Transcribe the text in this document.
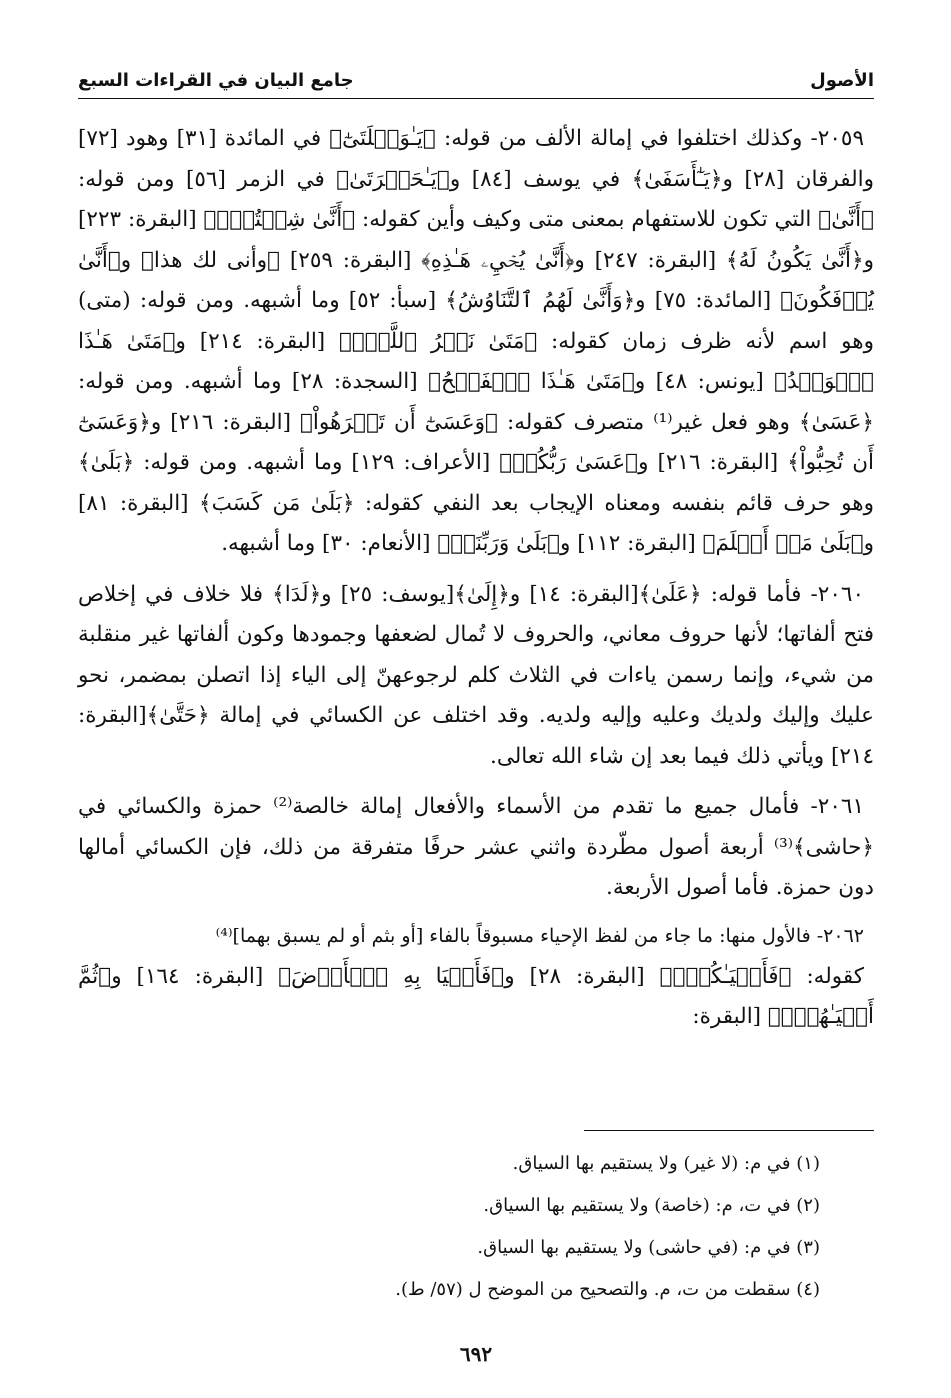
الأصول
جامع البيان في القراءات السبع

٢٠٥٩- وكذلك اختلفوا في إمالة الألف من قوله: ﴿يَـٰوَيۡلَتَىٰٓ﴾ في المائدة [٣١] وهود [٧٢] والفرقان [٢٨] و﴿يَـٰٓأَسَفَىٰ﴾ في يوسف [٨٤] و﴿يَـٰحَسۡرَتَىٰ﴾ في الزمر [٥٦] ومن قوله: ﴿أَنَّىٰ﴾ التي تكون للاستفهام بمعنى متى وكيف وأين كقوله: ﴿أَنَّىٰ شِئۡتُمۡۖ﴾ [البقرة: ٢٢٣] و﴿أَنَّىٰ يَكُونُ لَهُ﴾ [البقرة: ٢٤٧] و﴿أَنَّىٰ يُحۡيِۦ هَـٰذِهِ﴾ [البقرة: ٢٥٩] ﴿وأنى لك هذا﴾ و﴿أَنَّىٰ يُؤۡفَكُونَ﴾ [المائدة: ٧٥] و﴿وَأَنَّىٰ لَهُمُ ٱلتَّنَاوُشُ﴾ [سبأ: ٥٢] وما أشبهه. ومن قوله: (متى) وهو اسم لأنه ظرف زمان كقوله: ﴿مَتَىٰ نَصۡرُ ٱللَّهِۗ﴾ [البقرة: ٢١٤] و﴿مَتَىٰ هَـٰذَا ٱلۡوَعۡدُ﴾ [يونس: ٤٨] و﴿مَتَىٰ هَـٰذَا ٱلۡفَتۡحُ﴾ [السجدة: ٢٨] وما أشبهه. ومن قوله: ﴿عَسَىٰ﴾ وهو فعل غير⁽¹⁾ متصرف كقوله: ﴿وَعَسَىٰٓ أَن تَكۡرَهُواْ﴾ [البقرة: ٢١٦] و﴿وَعَسَىٰٓ أَن تُحِبُّواْ﴾ [البقرة: ٢١٦] و﴿عَسَىٰ رَبُّكُمۡ﴾ [الأعراف: ١٢٩] وما أشبهه. ومن قوله: ﴿بَلَىٰ﴾ وهو حرف قائم بنفسه ومعناه الإيجاب بعد النفي كقوله: ﴿بَلَىٰ مَن كَسَبَ﴾ [البقرة: ٨١] و﴿بَلَىٰ مَنۡ أَسۡلَمَ﴾ [البقرة: ١١٢] و﴿بَلَىٰ وَرَبِّنَاۚ﴾ [الأنعام: ٣٠] وما أشبهه.

٢٠٦٠- فأما قوله: ﴿عَلَىٰ﴾[البقرة: ١٤] و﴿إِلَىٰ﴾[يوسف: ٢٥] و﴿لَدَا﴾ فلا خلاف في إخلاص فتح ألفاتها؛ لأنها حروف معاني، والحروف لا تُمال لضعفها وجمودها وكون ألفاتها غير منقلبة من شيء، وإنما رسمن ياءات في الثلاث كلم لرجوعهنّ إلى الياء إذا اتصلن بمضمر، نحو عليك وإليك ولديك وعليه وإليه ولديه. وقد اختلف عن الكسائي في إمالة ﴿حَتَّىٰ﴾[البقرة: ٢١٤] ويأتي ذلك فيما بعد إن شاء الله تعالى.

٢٠٦١- فأمال جميع ما تقدم من الأسماء والأفعال إمالة خالصة⁽²⁾ حمزة والكسائي في ﴿حاشى﴾⁽³⁾ أربعة أصول مطّردة واثني عشر حرفًا متفرقة من ذلك، فإن الكسائي أمالها دون حمزة. فأما أصول الأربعة.

٢٠٦٢- فالأول منها: ما جاء من لفظ الإحياء مسبوقاً بالفاء [أو بثم أو لم يسبق بهما]⁽⁴⁾

كقوله: ﴿فَأَحۡيَـٰكُمۡۖ﴾ [البقرة: ٢٨] و﴿فَأَحۡيَا بِهِ ٱلۡأَرۡضَ﴾ [البقرة: ١٦٤] و﴿ثُمَّ أَحۡيَـٰهُمۡۚ﴾ [البقرة:

(١) في م: (لا غير) ولا يستقيم بها السياق.

(٢) في ت، م: (خاصة) ولا يستقيم بها السياق.

(٣) في م: (في حاشى) ولا يستقيم بها السياق.

(٤) سقطت من ت، م. والتصحيح من الموضح ل (٥٧/ ط).

٦٩٢
